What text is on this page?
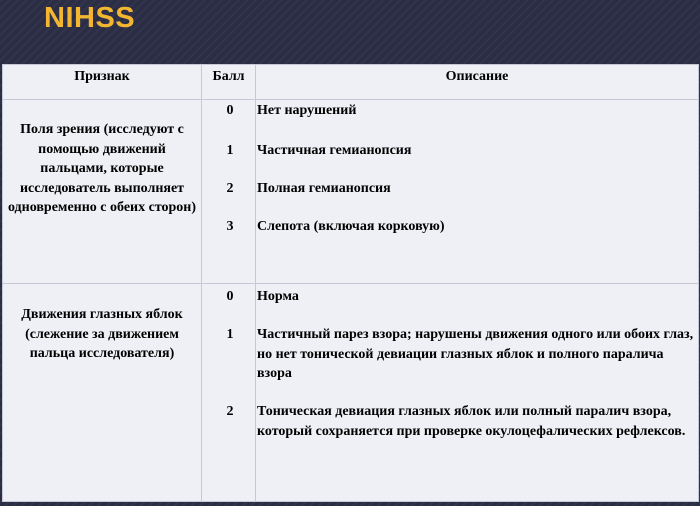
NIHSS
Признак	Балл	Описание
Поля зрения (исследуют с помощью движений пальцами, которые исследователь выполняет одновременно с обеих сторон)
0	Нет нарушений
1	Частичная гемианопсия
2	Полная гемианопсия
3	Слепота (включая корковую)
Движения глазных яблок (слежение за движением пальца исследователя)
0	Норма
1	Частичный парез взора; нарушены движения одного или обоих глаз, но нет тонической девиации глазных яблок и полного паралича взора
2	Тоническая девиация глазных яблок или полный паралич взора, который сохраняется при проверке окулоцефалических рефлексов.
